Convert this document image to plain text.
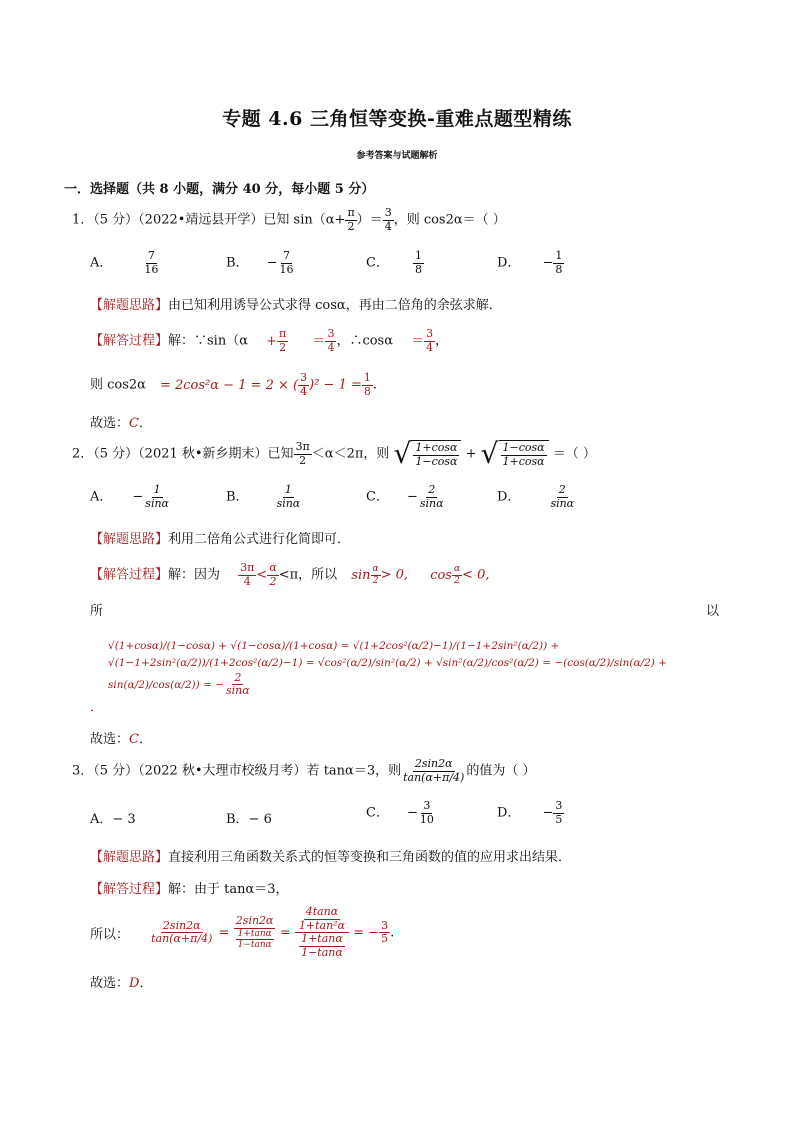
专题 4.6 三角恒等变换-重难点题型精练
参考答案与试题解析
一．选择题（共 8 小题，满分 40 分，每小题 5 分）
1．（5 分）（2022•靖远县开学）已知 $\sin(\alpha+ \frac{\pi}{2}$ ）＝ $\frac{3}{4}$ ，则 cos2α＝（ ）
A．	$\frac{7}{16}$	B． − $\frac{7}{16}$	C． $\frac{1}{8}$	D． − $\frac{1}{8}$
【解题思路】由已知利用诱导公式求得 cosα，再由二倍角的余弦求解．
【解答过程】解：∵sin（α + $\frac{\pi}{2} = \frac{3}{4}$ ，∴cosα ＝ $\frac{3}{4}$ ，
则 cos2α = 2cos²α − 1 = 2 × ( $\frac{3}{4} )^2 - 1 = \frac{1}{8}$ .
故选：C．
2．（5 分）（2021 秋•新乡期末）已知 $\frac{3\pi}{2} <\alpha<2\pi$，则 √ $\frac{1+\cos\alpha}{1-\cos\alpha}$ + √ $\frac{1-\cos\alpha}{1+\cos\alpha}$ ＝（ ）
A． − $\frac{1}{\sin\alpha}$	B． $\frac{1}{\sin\alpha}$	C． − $\frac{2}{\sin\alpha}$	D．	$\frac{2}{\sin\alpha}$
【解题思路】利用二倍角公式进行化简即可．
【解答过程】解：因为 $\frac{3\pi}{4} < \frac{\alpha}{2} <\pi$，所以 $\sin \frac{\alpha}{2} > 0$, $\cos \frac{\alpha}{2} < 0$,
所	以
√(1+cosα)/(1−cosα) + √(1−cosα)/(1+cosα) = √(1+2cos²(α/2)−1)/(1−1+2sin²(α/2)) + √(1−1+2sin²(α/2))/(1+2cos²(α/2)−1) = √cos²(α/2)/sin²(α/2) + √sin²(α/2)/cos²(α/2) = −(cos(α/2)/sin(α/2) + sin(α/2)/cos(α/2)) = − $\frac{2}{\sin\alpha}$
．
故选：C．
3．（5 分）（2022 秋•大理市校级月考）若 tanα＝3，则 $\frac{2\sin 2\alpha}{\tan(\alpha+\pi/4)}$ 的值为（ ）
A．− 3	B．− 6	C． − $\frac{3}{10}$	D． − $\frac{3}{5}$
【解题思路】直接利用三角函数关系式的恒等变换和三角函数的值的应用求出结果．
【解答过程】解：由于 tanα＝3，
所以： $\frac{2\sin 2\alpha}{\tan(\alpha+\pi/4)} = \frac{2\sin 2\alpha}{\frac{1+\tan\alpha}{1-\tan\alpha}} = \frac{\frac{4\tan\alpha}{\text{1+tan²α}}}{\frac{1+\tan\alpha}{1-\tan\alpha}}$ = − $\frac{3}{5}$ .
故选：D．
